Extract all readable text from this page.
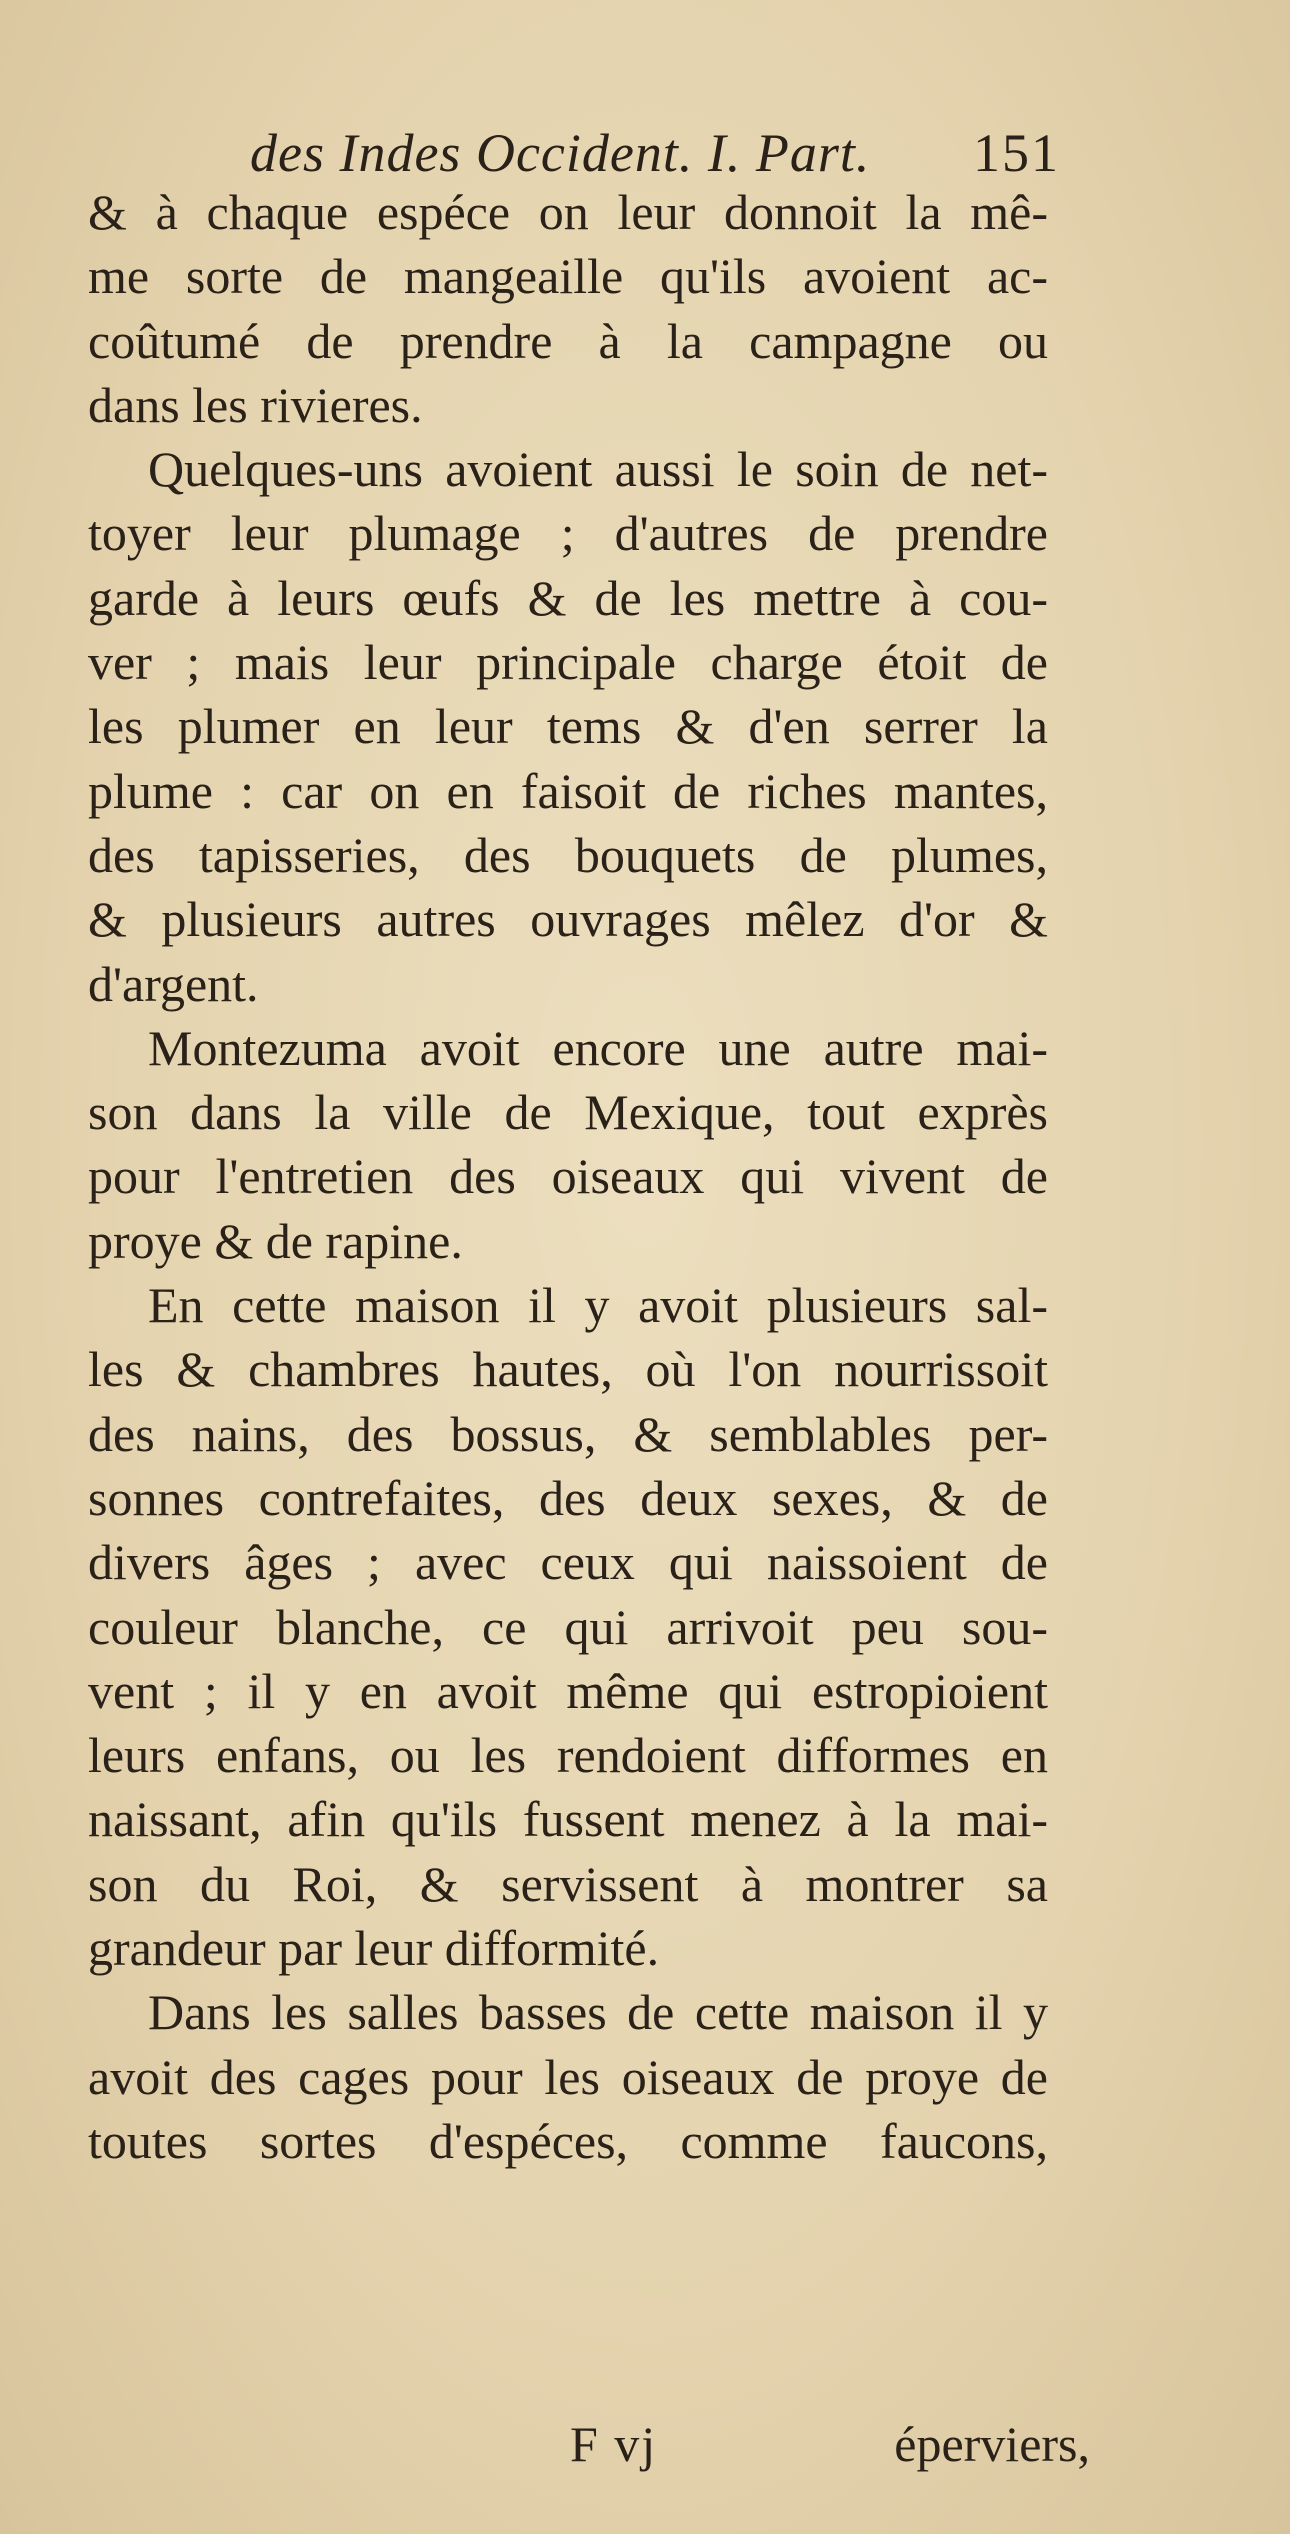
des Indes Occident. I. Part. 151
& à chaque espéce on leur donnoit la mê-
me sorte de mangeaille qu'ils avoient ac-
coûtumé de prendre à la campagne ou
dans les rivieres.
Quelques-uns avoient aussi le soin de net-
toyer leur plumage ; d'autres de prendre
garde à leurs œufs & de les mettre à cou-
ver ; mais leur principale charge étoit de
les plumer en leur tems & d'en serrer la
plume : car on en faisoit de riches mantes,
des tapisseries, des bouquets de plumes,
& plusieurs autres ouvrages mêlez d'or &
d'argent.
Montezuma avoit encore une autre mai-
son dans la ville de Mexique, tout exprès
pour l'entretien des oiseaux qui vivent de
proye & de rapine.
En cette maison il y avoit plusieurs sal-
les & chambres hautes, où l'on nourrissoit
des nains, des bossus, & semblables per-
sonnes contrefaites, des deux sexes, & de
divers âges ; avec ceux qui naissoient de
couleur blanche, ce qui arrivoit peu sou-
vent ; il y en avoit même qui estropioient
leurs enfans, ou les rendoient difformes en
naissant, afin qu'ils fussent menez à la mai-
son du Roi, & servissent à montrer sa
grandeur par leur difformité.
Dans les salles basses de cette maison il y
avoit des cages pour les oiseaux de proye de
toutes sortes d'espéces, comme faucons,
F vj	éperviers,
